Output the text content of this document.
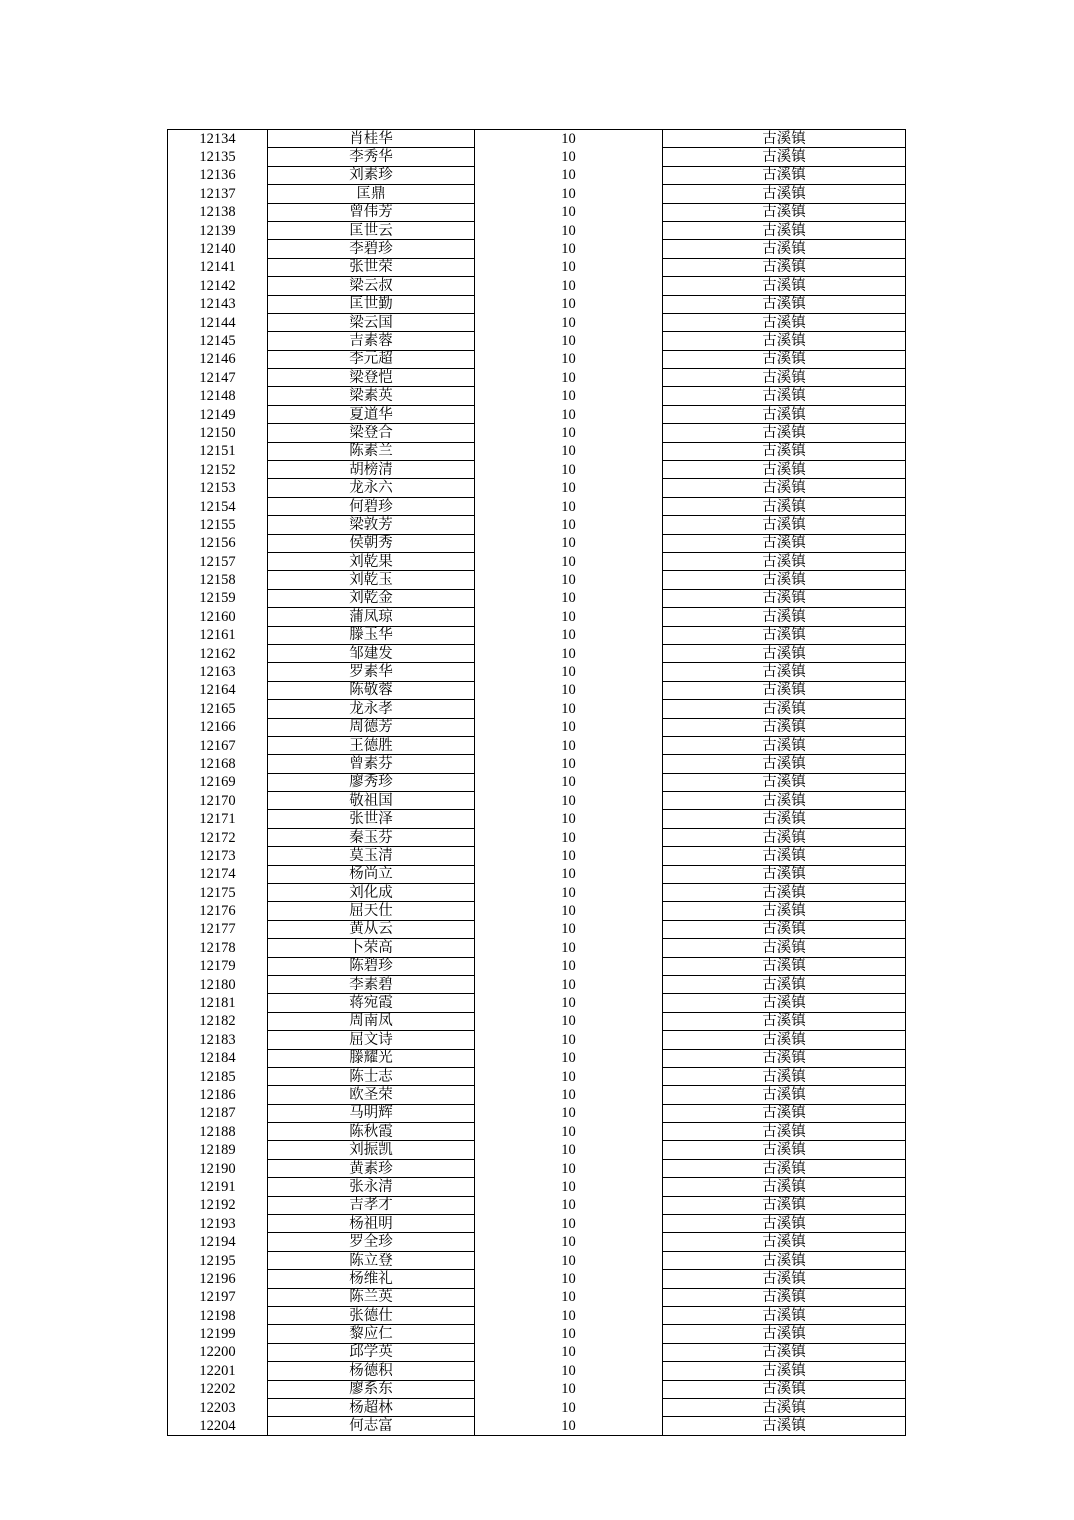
12134	肖桂华	10	古溪镇
12135	李秀华	10	古溪镇
12136	刘素珍	10	古溪镇
12137	匡鼎	10	古溪镇
12138	曾伟芳	10	古溪镇
12139	匡世云	10	古溪镇
12140	李碧珍	10	古溪镇
12141	张世荣	10	古溪镇
12142	梁云叔	10	古溪镇
12143	匡世勤	10	古溪镇
12144	梁云国	10	古溪镇
12145	吉素蓉	10	古溪镇
12146	李元超	10	古溪镇
12147	梁登恺	10	古溪镇
12148	梁素英	10	古溪镇
12149	夏道华	10	古溪镇
12150	梁登合	10	古溪镇
12151	陈素兰	10	古溪镇
12152	胡榜清	10	古溪镇
12153	龙永六	10	古溪镇
12154	何碧珍	10	古溪镇
12155	梁敦芳	10	古溪镇
12156	侯朝秀	10	古溪镇
12157	刘乾果	10	古溪镇
12158	刘乾玉	10	古溪镇
12159	刘乾金	10	古溪镇
12160	蒲凤琼	10	古溪镇
12161	滕玉华	10	古溪镇
12162	邹建发	10	古溪镇
12163	罗素华	10	古溪镇
12164	陈敬蓉	10	古溪镇
12165	龙永孝	10	古溪镇
12166	周德芳	10	古溪镇
12167	王德胜	10	古溪镇
12168	曾素芬	10	古溪镇
12169	廖秀珍	10	古溪镇
12170	敬祖国	10	古溪镇
12171	张世泽	10	古溪镇
12172	秦玉芬	10	古溪镇
12173	莫玉清	10	古溪镇
12174	杨尚立	10	古溪镇
12175	刘化成	10	古溪镇
12176	屈天仕	10	古溪镇
12177	黄从云	10	古溪镇
12178	卜荣高	10	古溪镇
12179	陈碧珍	10	古溪镇
12180	李素碧	10	古溪镇
12181	蒋宛霞	10	古溪镇
12182	周南凤	10	古溪镇
12183	屈文诗	10	古溪镇
12184	滕耀光	10	古溪镇
12185	陈士志	10	古溪镇
12186	欧圣荣	10	古溪镇
12187	马明辉	10	古溪镇
12188	陈秋霞	10	古溪镇
12189	刘振凯	10	古溪镇
12190	黄素珍	10	古溪镇
12191	张永清	10	古溪镇
12192	吉孝才	10	古溪镇
12193	杨祖明	10	古溪镇
12194	罗全珍	10	古溪镇
12195	陈立登	10	古溪镇
12196	杨维礼	10	古溪镇
12197	陈兰英	10	古溪镇
12198	张德仕	10	古溪镇
12199	黎应仁	10	古溪镇
12200	邱学英	10	古溪镇
12201	杨德积	10	古溪镇
12202	廖系东	10	古溪镇
12203	杨超林	10	古溪镇
12204	何志富	10	古溪镇
